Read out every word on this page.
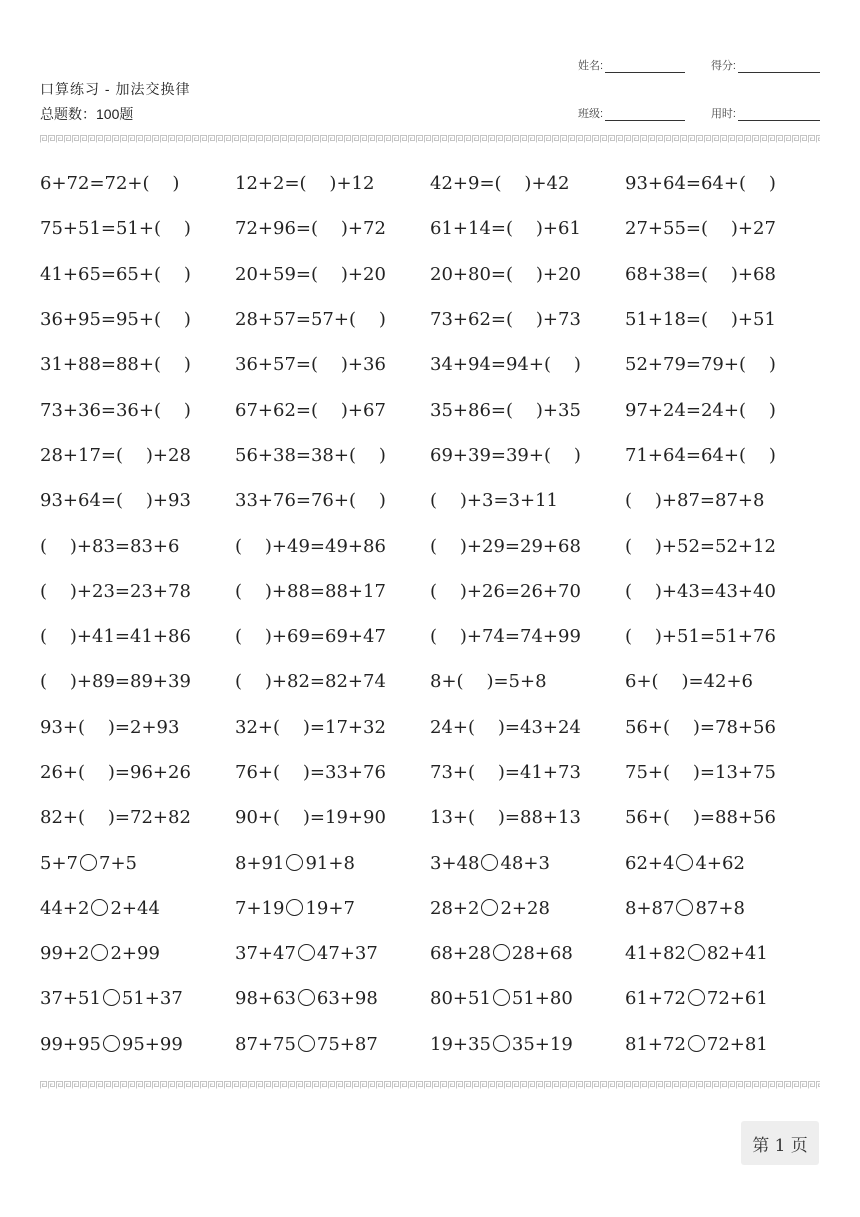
口算练习 - 加法交换律
总题数：100题
姓名:	得分:
班级:	用时:
6+72=72+(    )	12+2=(    )+12	42+9=(    )+42	93+64=64+(    )
75+51=51+(    )	72+96=(    )+72	61+14=(    )+61	27+55=(    )+27
41+65=65+(    )	20+59=(    )+20	20+80=(    )+20	68+38=(    )+68
36+95=95+(    )	28+57=57+(    )	73+62=(    )+73	51+18=(    )+51
31+88=88+(    )	36+57=(    )+36	34+94=94+(    )	52+79=79+(    )
73+36=36+(    )	67+62=(    )+67	35+86=(    )+35	97+24=24+(    )
28+17=(    )+28	56+38=38+(    )	69+39=39+(    )	71+64=64+(    )
93+64=(    )+93	33+76=76+(    )	(    )+3=3+11	(    )+87=87+8
(    )+83=83+6	(    )+49=49+86	(    )+29=29+68	(    )+52=52+12
(    )+23=23+78	(    )+88=88+17	(    )+26=26+70	(    )+43=43+40
(    )+41=41+86	(    )+69=69+47	(    )+74=74+99	(    )+51=51+76
(    )+89=89+39	(    )+82=82+74	8+(    )=5+8	6+(    )=42+6
93+(    )=2+93	32+(    )=17+32	24+(    )=43+24	56+(    )=78+56
26+(    )=96+26	76+(    )=33+76	73+(    )=41+73	75+(    )=13+75
82+(    )=72+82	90+(    )=19+90	13+(    )=88+13	56+(    )=88+56
5+7 7+5	8+91 91+8	3+48 48+3	62+4 4+62
44+2 2+44	7+19 19+7	28+2 2+28	8+87 87+8
99+2 2+99	37+47 47+37	68+28 28+68	41+82 82+41
37+51 51+37	98+63 63+98	80+51 51+80	61+72 72+61
99+95 95+99	87+75 75+87	19+35 35+19	81+72 72+81
第 1 页
